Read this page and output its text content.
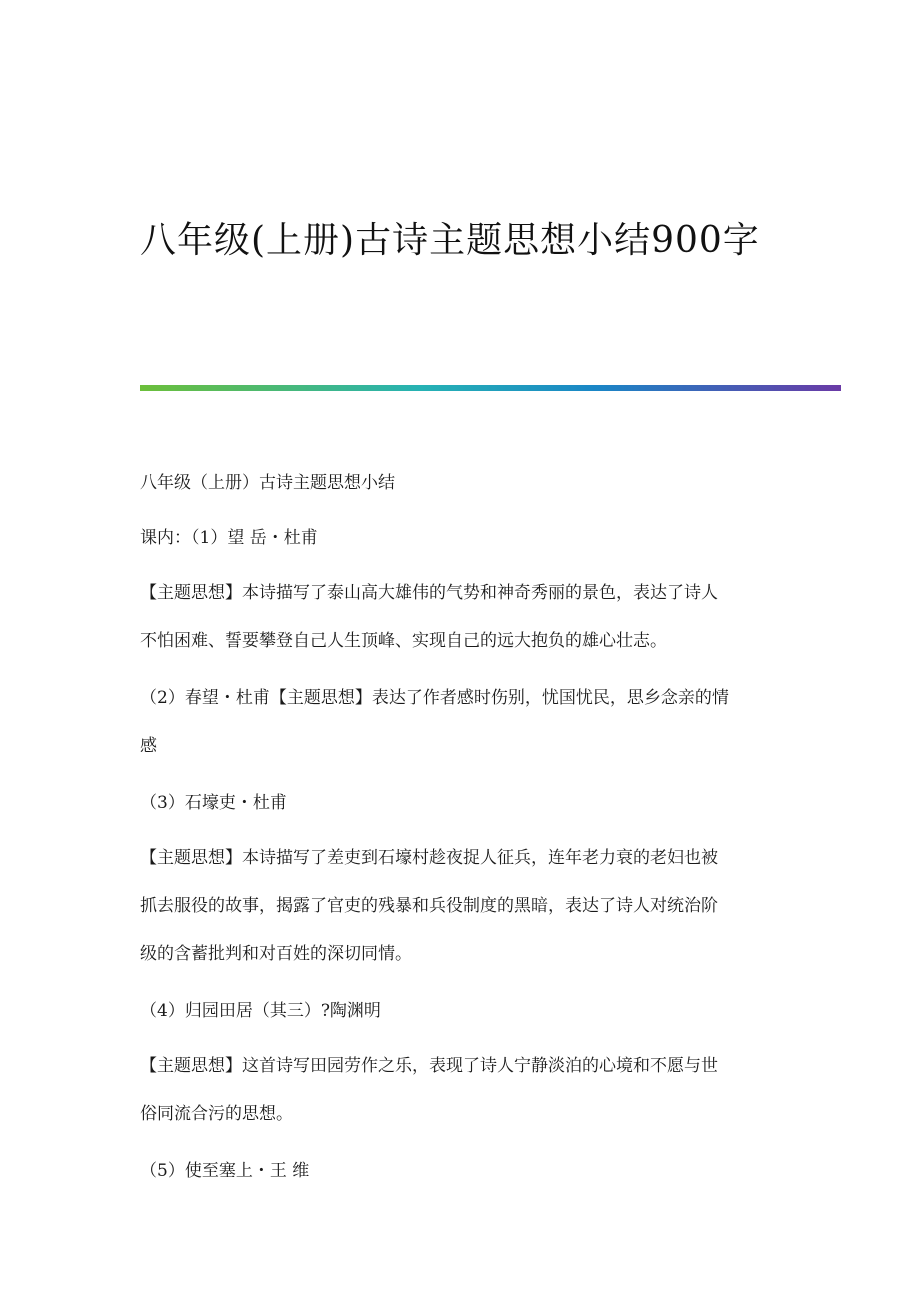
八年级(上册)古诗主题思想小结900字
八年级（上册）古诗主题思想小结
课内：（1）望 岳・杜甫
【主题思想】本诗描写了泰山高大雄伟的气势和神奇秀丽的景色，表达了诗人
不怕困难、誓要攀登自己人生顶峰、实现自己的远大抱负的雄心壮志。
（2）春望・杜甫【主题思想】表达了作者感时伤别，忧国忧民，思乡念亲的情
感
（3）石壕吏・杜甫
【主题思想】本诗描写了差吏到石壕村趁夜捉人征兵，连年老力衰的老妇也被
抓去服役的故事，揭露了官吏的残暴和兵役制度的黑暗，表达了诗人对统治阶
级的含蓄批判和对百姓的深切同情。
（4）归园田居（其三）?陶渊明
【主题思想】这首诗写田园劳作之乐，表现了诗人宁静淡泊的心境和不愿与世
俗同流合污的思想。
（5）使至塞上・王 维
